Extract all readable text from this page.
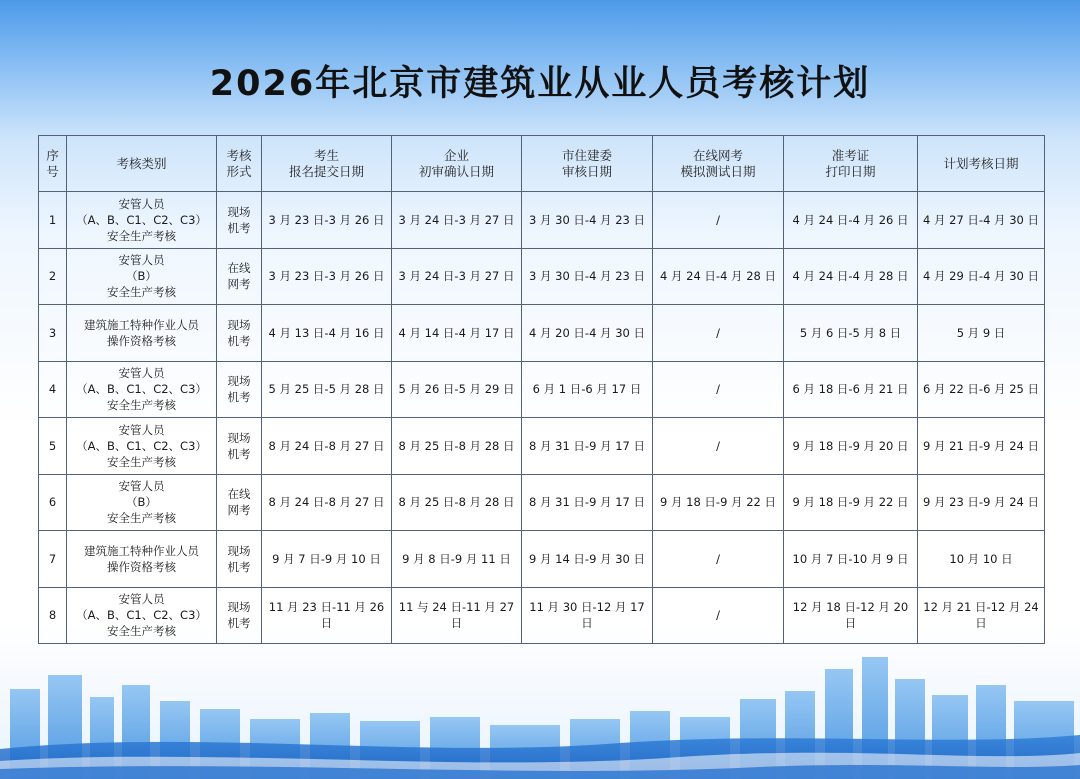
2026年北京市建筑业从业人员考核计划
序
号	考核类别	考核
形式	考生
报名提交日期	企业
初审确认日期	市住建委
审核日期	在线网考
模拟测试日期	准考证
打印日期	计划考核日期

1	安管人员
（A、B、C1、C2、C3）
安全生产考核	现场
机考	3 月 23 日-3 月 26 日	3 月 24 日-3 月 27 日	3 月 30 日-4 月 23 日	/	4 月 24 日-4 月 26 日	4 月 27 日-4 月 30 日

2	安管人员
（B）
安全生产考核	在线
网考	3 月 23 日-3 月 26 日	3 月 24 日-3 月 27 日	3 月 30 日-4 月 23 日	4 月 24 日-4 月 28 日	4 月 24 日-4 月 28 日	4 月 29 日-4 月 30 日

3	建筑施工特种作业人员
操作资格考核	现场
机考	4 月 13 日-4 月 16 日	4 月 14 日-4 月 17 日	4 月 20 日-4 月 30 日	/	5 月 6 日-5 月 8 日	5 月 9 日

4	安管人员
（A、B、C1、C2、C3）
安全生产考核	现场
机考	5 月 25 日-5 月 28 日	5 月 26 日-5 月 29 日	6 月 1 日-6 月 17 日	/	6 月 18 日-6 月 21 日	6 月 22 日-6 月 25 日

5	安管人员
（A、B、C1、C2、C3）
安全生产考核	现场
机考	8 月 24 日-8 月 27 日	8 月 25 日-8 月 28 日	8 月 31 日-9 月 17 日	/	9 月 18 日-9 月 20 日	9 月 21 日-9 月 24 日

6	安管人员
（B）
安全生产考核	在线
网考	8 月 24 日-8 月 27 日	8 月 25 日-8 月 28 日	8 月 31 日-9 月 17 日	9 月 18 日-9 月 22 日	9 月 18 日-9 月 22 日	9 月 23 日-9 月 24 日

7	建筑施工特种作业人员
操作资格考核	现场
机考	9 月 7 日-9 月 10 日	9 月 8 日-9 月 11 日	9 月 14 日-9 月 30 日	/	10 月 7 日-10 月 9 日	10 月 10 日

8	安管人员
（A、B、C1、C2、C3）
安全生产考核	现场
机考	11 月 23 日-11 月 26 日	11 与 24 日-11 月 27 日	11 月 30 日-12 月 17 日	/	12 月 18 日-12 月 20 日	12 月 21 日-12 月 24 日
